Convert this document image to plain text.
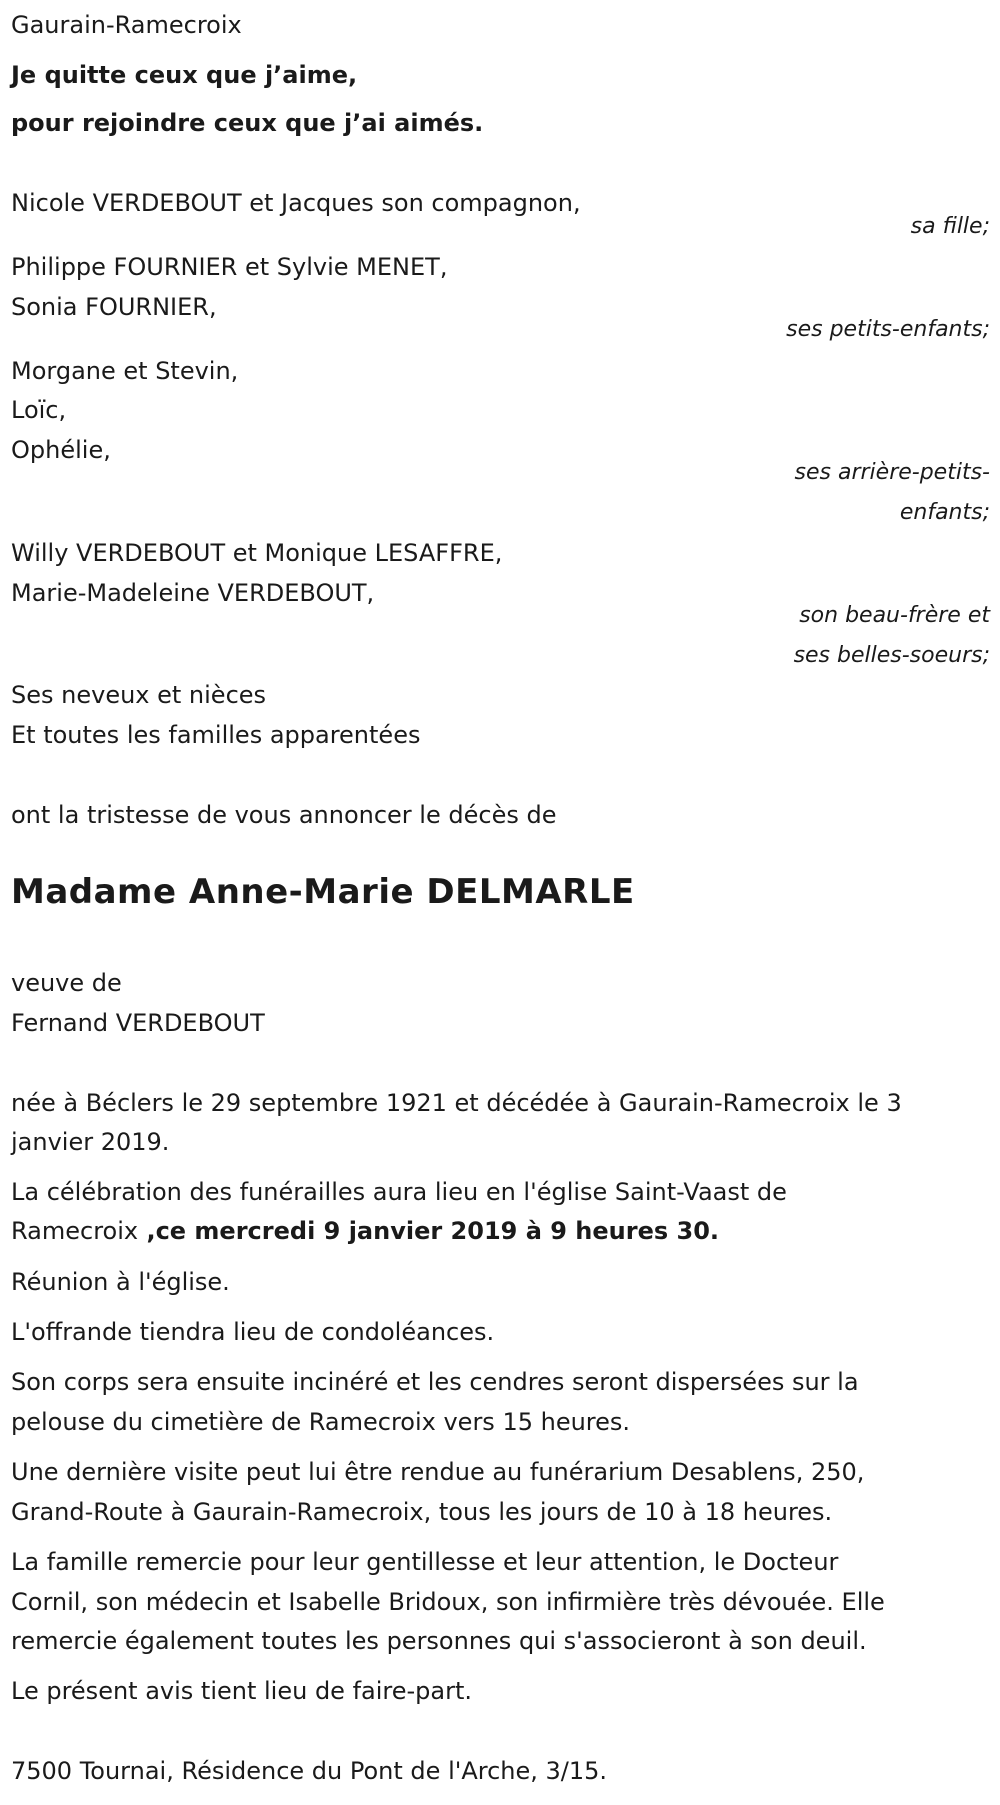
Gaurain-Ramecroix
Je quitte ceux que j’aime,
pour rejoindre ceux que j’ai aimés.
Nicole VERDEBOUT et Jacques son compagnon,
sa fille;
Philippe FOURNIER et Sylvie MENET,
Sonia FOURNIER,
ses petits-enfants;
Morgane et Stevin,
Loïc,
Ophélie,
ses arrière-petits-
enfants;
Willy VERDEBOUT et Monique LESAFFRE,
Marie-Madeleine VERDEBOUT,
son beau-frère et
ses belles-soeurs;
Ses neveux et nièces
Et toutes les familles apparentées
ont la tristesse de vous annoncer le décès de
Madame Anne-Marie DELMARLE
veuve de
Fernand VERDEBOUT
née à Béclers le 29 septembre 1921 et décédée à Gaurain-Ramecroix le 3
janvier 2019.
La célébration des funérailles aura lieu en l'église Saint-Vaast de
Ramecroix ,ce mercredi 9 janvier 2019 à 9 heures 30.
Réunion à l'église.
L'offrande tiendra lieu de condoléances.
Son corps sera ensuite incinéré et les cendres seront dispersées sur la
pelouse du cimetière de Ramecroix vers 15 heures.
Une dernière visite peut lui être rendue au funérarium Desablens, 250,
Grand-Route à Gaurain-Ramecroix, tous les jours de 10 à 18 heures.
La famille remercie pour leur gentillesse et leur attention, le Docteur
Cornil, son médecin et Isabelle Bridoux, son infirmière très dévouée. Elle
remercie également toutes les personnes qui s'associeront à son deuil.
Le présent avis tient lieu de faire-part.
7500 Tournai, Résidence du Pont de l'Arche, 3/15.
